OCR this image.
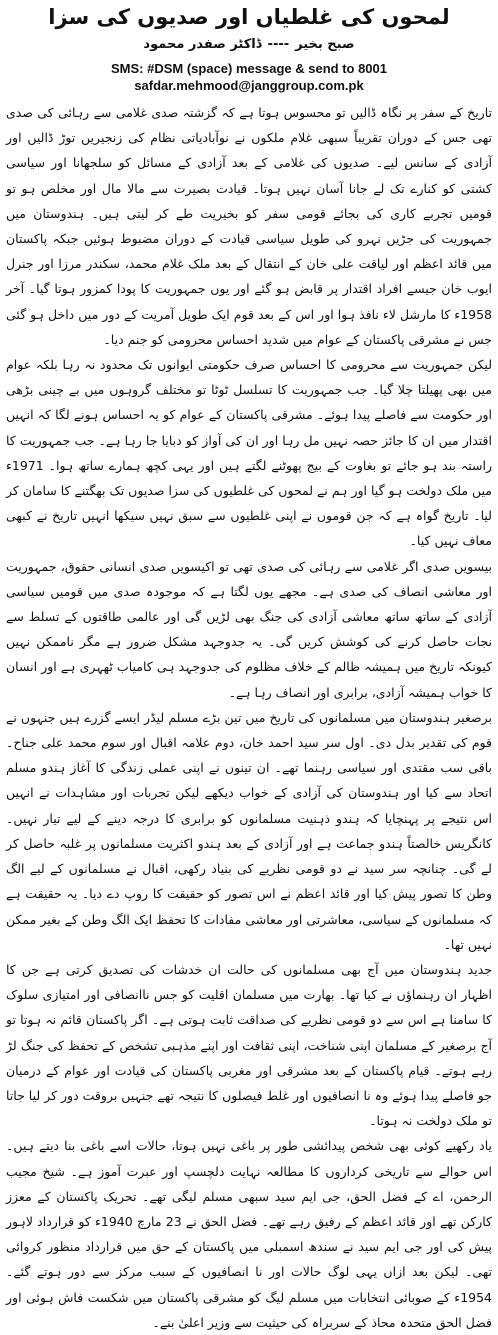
لمحوں کی غلطیاں اور صدیوں کی سزا
صبح بخیر----ڈاکٹر صفدر محمود
SMS: #DSM (space) message & send to 8001
safdar.mehmood@janggroup.com.pk

تاریخ کے سفر پر نگاہ ڈالیں تو محسوس ہوتا ہے کہ گزشتہ صدی غلامی سے رہائی کی صدی تھی جس کے دوران تقریباً سبھی غلام ملکوں نے نوآبادیاتی نظام کی زنجیریں توڑ ڈالیں اور آزادی کے سانس لیے۔ صدیوں کی غلامی کے بعد آزادی کے مسائل کو سلجھانا اور سیاسی کشتی کو کنارے تک لے جانا آسان نہیں ہوتا۔ قیادت بصیرت سے مالا مال اور مخلص ہو تو قومیں تجربے کاری کی بجائے قومی سفر کو بخیریت طے کر لیتی ہیں۔ ہندوستان میں جمہوریت کی جڑیں نہرو کی طویل سیاسی قیادت کے دوران مضبوط ہوئیں جبکہ پاکستان میں قائد اعظم اور لیاقت علی خان کے انتقال کے بعد ملک غلام محمد، سکندر مرزا اور جنرل ایوب خان جیسے افراد اقتدار پر قابض ہو گئے اور یوں جمہوریت کا پودا کمزور ہوتا گیا۔ آخر 1958ء کا مارشل لاء نافذ ہوا اور اس کے بعد قوم ایک طویل آمریت کے دور میں داخل ہو گئی جس نے مشرقی پاکستان کے عوام میں شدید احساس محرومی کو جنم دیا۔

لیکن جمہوریت سے محرومی کا احساس صرف حکومتی ایوانوں تک محدود نہ رہا بلکہ عوام میں بھی پھیلتا چلا گیا۔ جب جمہوریت کا تسلسل ٹوٹا تو مختلف گروہوں میں بے چینی بڑھی اور حکومت سے فاصلے پیدا ہوئے۔ مشرقی پاکستان کے عوام کو یہ احساس ہونے لگا کہ انہیں اقتدار میں ان کا جائز حصہ نہیں مل رہا اور ان کی آواز کو دبایا جا رہا ہے۔ جب جمہوریت کا راستہ بند ہو جائے تو بغاوت کے بیج پھوٹنے لگتے ہیں اور یہی کچھ ہمارے ساتھ ہوا۔ 1971ء میں ملک دولخت ہو گیا اور ہم نے لمحوں کی غلطیوں کی سزا صدیوں تک بھگتنے کا سامان کر لیا۔ تاریخ گواہ ہے کہ جن قوموں نے اپنی غلطیوں سے سبق نہیں سیکھا انہیں تاریخ نے کبھی معاف نہیں کیا۔

بیسویں صدی اگر غلامی سے رہائی کی صدی تھی تو اکیسویں صدی انسانی حقوق، جمہوریت اور معاشی انصاف کی صدی ہے۔ مجھے یوں لگتا ہے کہ موجودہ صدی میں قومیں سیاسی آزادی کے ساتھ ساتھ معاشی آزادی کی جنگ بھی لڑیں گی اور عالمی طاقتوں کے تسلط سے نجات حاصل کرنے کی کوشش کریں گی۔ یہ جدوجہد مشکل ضرور ہے مگر ناممکن نہیں کیونکہ تاریخ میں ہمیشہ ظالم کے خلاف مظلوم کی جدوجہد ہی کامیاب ٹھہری ہے اور انسان کا خواب ہمیشہ آزادی، برابری اور انصاف رہا ہے۔

برصغیر ہندوستان میں مسلمانوں کی تاریخ میں تین بڑے مسلم لیڈر ایسے گزرے ہیں جنہوں نے قوم کی تقدیر بدل دی۔ اول سر سید احمد خان، دوم علامہ اقبال اور سوم محمد علی جناح۔ باقی سب مقتدی اور سیاسی رہنما تھے۔ ان تینوں نے اپنی عملی زندگی کا آغاز ہندو مسلم اتحاد سے کیا اور ہندوستان کی آزادی کے خواب دیکھے لیکن تجربات اور مشاہدات نے انہیں اس نتیجے پر پہنچایا کہ ہندو ذہنیت مسلمانوں کو برابری کا درجہ دینے کے لیے تیار نہیں۔ کانگریس خالصتاً ہندو جماعت ہے اور آزادی کے بعد ہندو اکثریت مسلمانوں پر غلبہ حاصل کر لے گی۔ چنانچہ سر سید نے دو قومی نظریے کی بنیاد رکھی، اقبال نے مسلمانوں کے لیے الگ وطن کا تصور پیش کیا اور قائد اعظم نے اس تصور کو حقیقت کا روپ دے دیا۔ یہ حقیقت ہے کہ مسلمانوں کے سیاسی، معاشرتی اور معاشی مفادات کا تحفظ ایک الگ وطن کے بغیر ممکن نہیں تھا۔

جدید ہندوستان میں آج بھی مسلمانوں کی حالت ان خدشات کی تصدیق کرتی ہے جن کا اظہار ان رہنماؤں نے کیا تھا۔ بھارت میں مسلمان اقلیت کو جس ناانصافی اور امتیازی سلوک کا سامنا ہے اس سے دو قومی نظریے کی صداقت ثابت ہوتی ہے۔ اگر پاکستان قائم نہ ہوتا تو آج برصغیر کے مسلمان اپنی شناخت، اپنی ثقافت اور اپنے مذہبی تشخص کے تحفظ کی جنگ لڑ رہے ہوتے۔ قیام پاکستان کے بعد مشرقی اور مغربی پاکستان کی قیادت اور عوام کے درمیان جو فاصلے پیدا ہوئے وہ نا انصافیوں اور غلط فیصلوں کا نتیجہ تھے جنہیں بروقت دور کر لیا جاتا تو ملک دولخت نہ ہوتا۔

یاد رکھیے کوئی بھی شخص پیدائشی طور پر باغی نہیں ہوتا، حالات اسے باغی بنا دیتے ہیں۔ اس حوالے سے تاریخی کرداروں کا مطالعہ نہایت دلچسپ اور عبرت آموز ہے۔ شیخ مجیب الرحمن، اے کے فضل الحق، جی ایم سید سبھی مسلم لیگی تھے۔ تحریک پاکستان کے معزز کارکن تھے اور قائد اعظم کے رفیق رہے تھے۔ فضل الحق نے 23 مارچ 1940ء کو قرارداد لاہور پیش کی اور جی ایم سید نے سندھ اسمبلی میں پاکستان کے حق میں قرارداد منظور کروائی تھی۔ لیکن بعد ازاں یہی لوگ حالات اور نا انصافیوں کے سبب مرکز سے دور ہوتے گئے۔ 1954ء کے صوبائی انتخابات میں مسلم لیگ کو مشرقی پاکستان میں شکست فاش ہوئی اور فضل الحق متحدہ محاذ کے سربراہ کی حیثیت سے وزیر اعلیٰ بنے۔
